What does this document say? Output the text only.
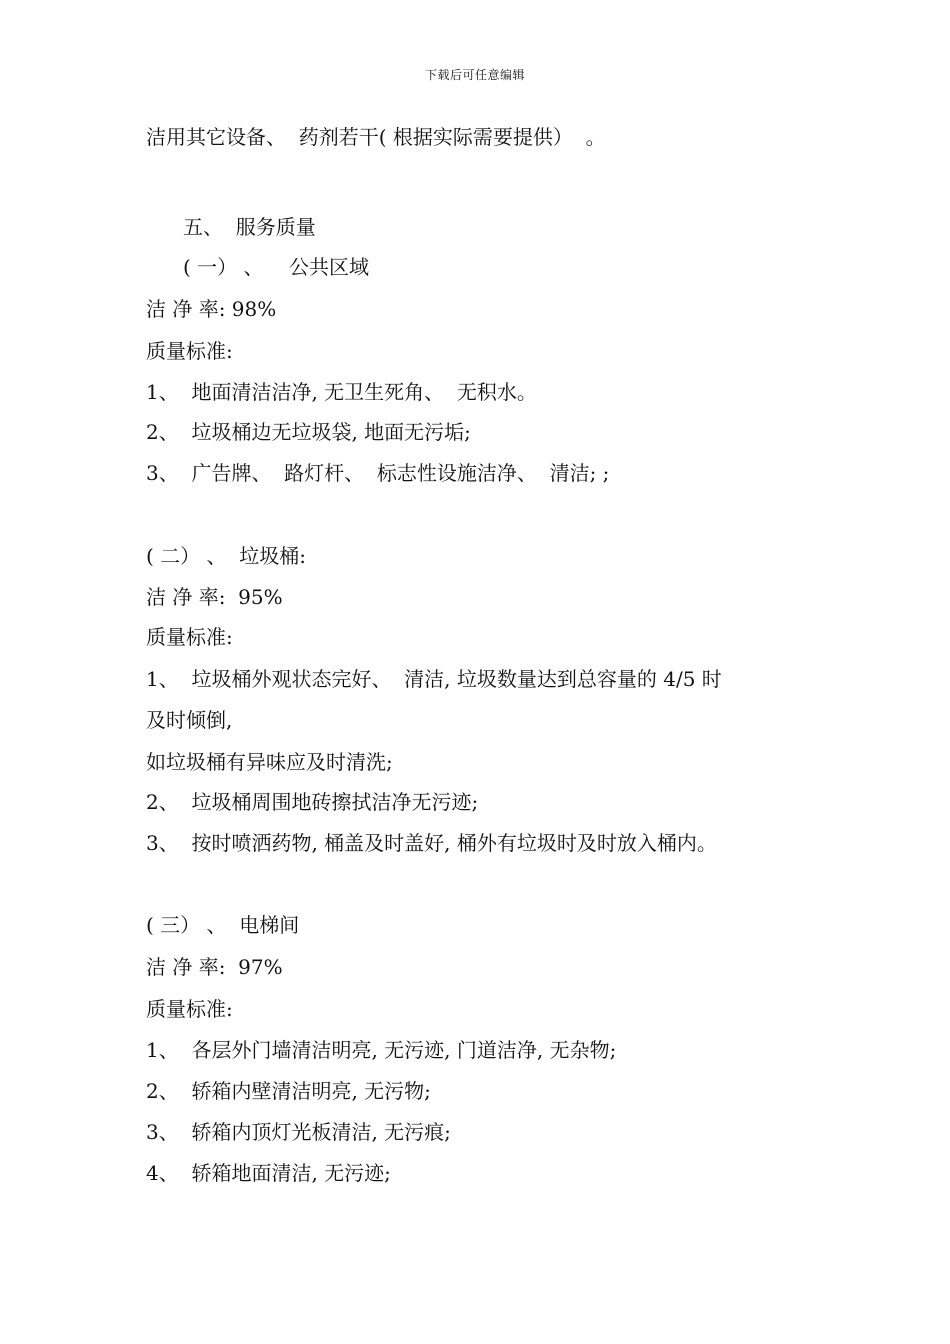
下载后可任意编辑
洁用其它设备、  药剂若干( 根据实际需要提供）  。
五、  服务质量
( 一） 、    公共区域
洁 净 率: 98%
质量标准:
1、  地面清洁洁净, 无卫生死角、  无积水。
2、  垃圾桶边无垃圾袋, 地面无污垢;
3、  广告牌、  路灯杆、  标志性设施洁净、  清洁; ;
( 二） 、  垃圾桶:
洁 净 率:  95%
质量标准:
1、  垃圾桶外观状态完好、  清洁, 垃圾数量达到总容量的 4/5 时
及时倾倒,
如垃圾桶有异味应及时清洗;
2、  垃圾桶周围地砖擦拭洁净无污迹;
3、  按时喷洒药物, 桶盖及时盖好, 桶外有垃圾时及时放入桶内。
( 三） 、  电梯间
洁 净 率:  97%
质量标准:
1、  各层外门墙清洁明亮, 无污迹, 门道洁净, 无杂物;
2、  轿箱内壁清洁明亮, 无污物;
3、  轿箱内顶灯光板清洁, 无污痕;
4、  轿箱地面清洁, 无污迹;
